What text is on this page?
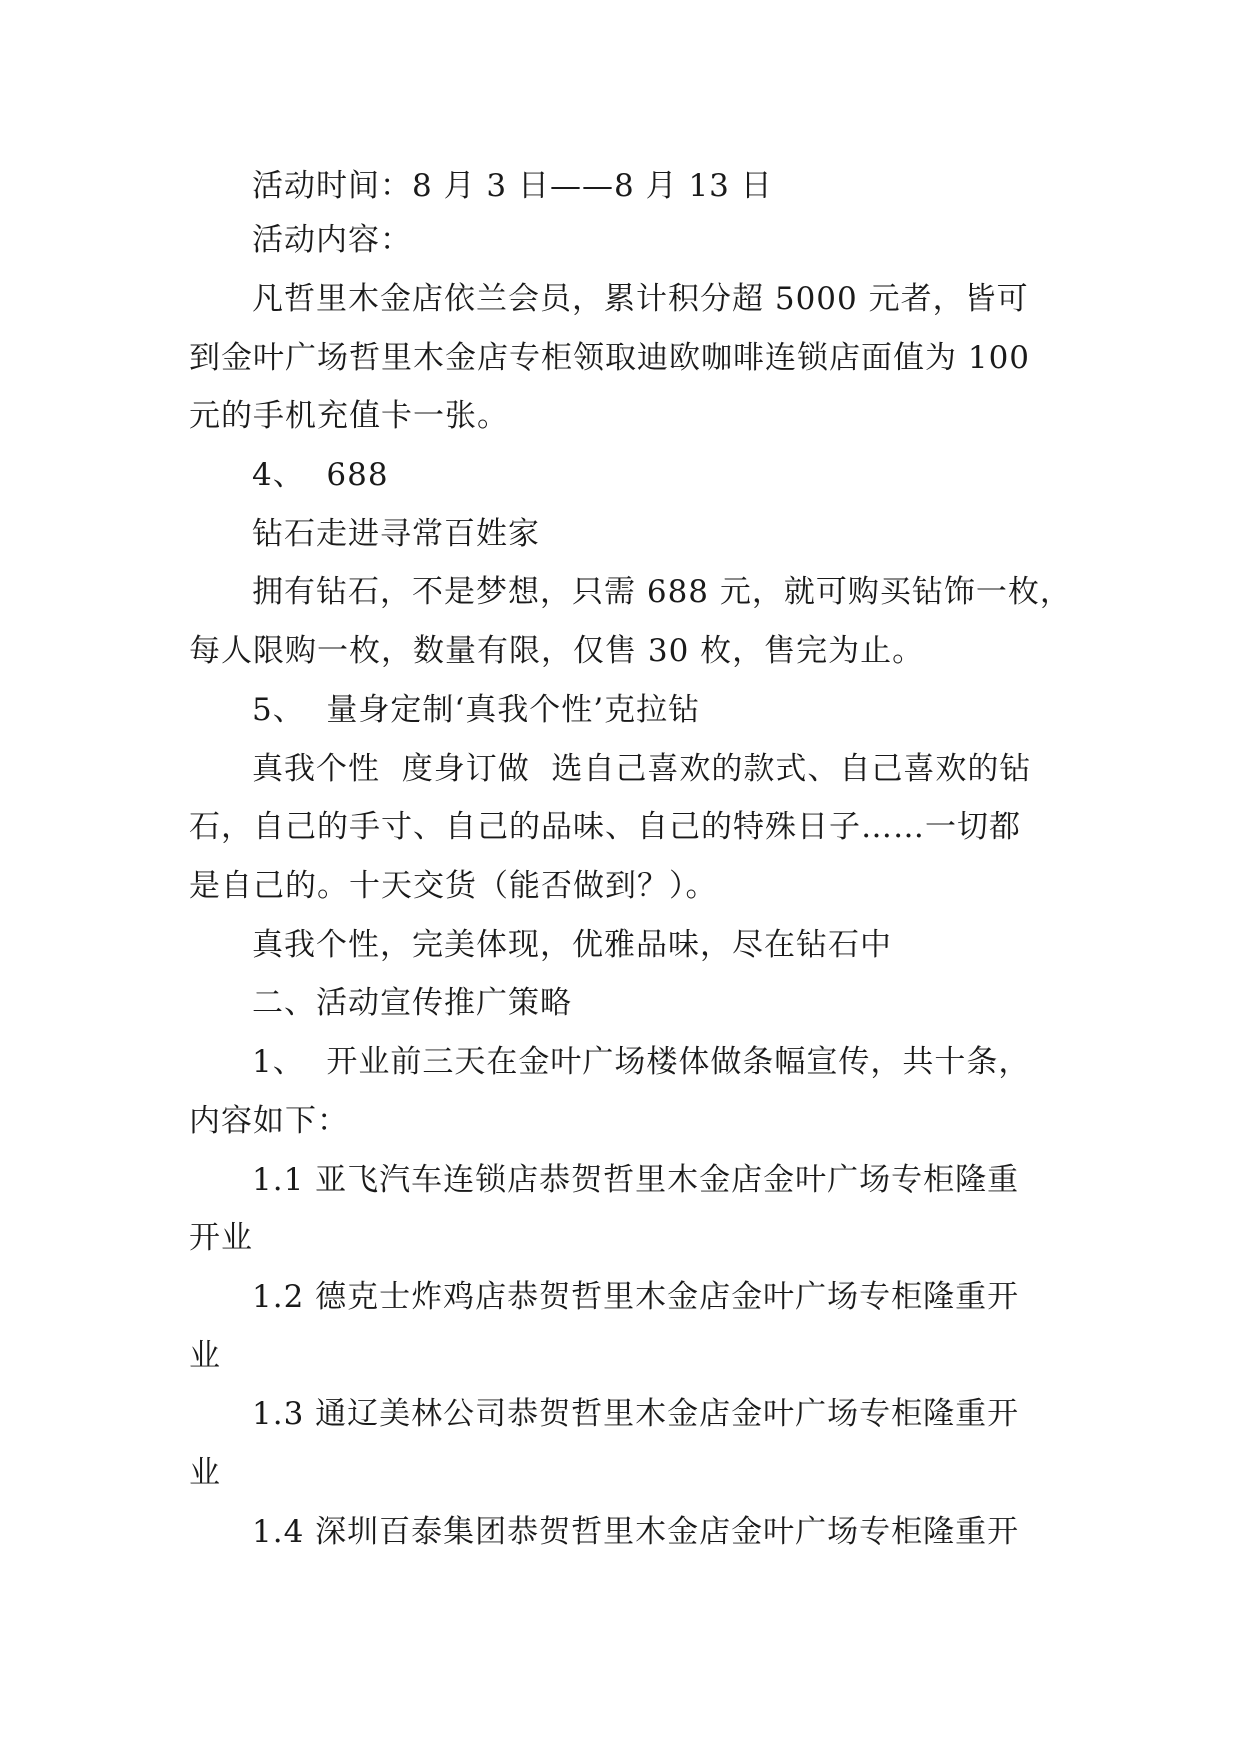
活动时间：8 月 3 日——8 月 13 日
活动内容：
凡哲里木金店依兰会员，累计积分超 5000 元者，皆可
到金叶广场哲里木金店专柜领取迪欧咖啡连锁店面值为 100
元的手机充值卡一张。
4、  688
钻石走进寻常百姓家
拥有钻石，不是梦想，只需 688 元，就可购买钻饰一枚，
每人限购一枚，数量有限，仅售 30 枚，售完为止。
5、  量身定制‘真我个性’克拉钻
真我个性  度身订做  选自己喜欢的款式、自己喜欢的钻
石，自己的手寸、自己的品味、自己的特殊日子……一切都
是自己的。十天交货（能否做到？）。
真我个性，完美体现，优雅品味，尽在钻石中
二、活动宣传推广策略
1、  开业前三天在金叶广场楼体做条幅宣传，共十条，
内容如下：
1.1 亚飞汽车连锁店恭贺哲里木金店金叶广场专柜隆重
开业
1.2 德克士炸鸡店恭贺哲里木金店金叶广场专柜隆重开
业
1.3 通辽美林公司恭贺哲里木金店金叶广场专柜隆重开
业
1.4 深圳百泰集团恭贺哲里木金店金叶广场专柜隆重开
